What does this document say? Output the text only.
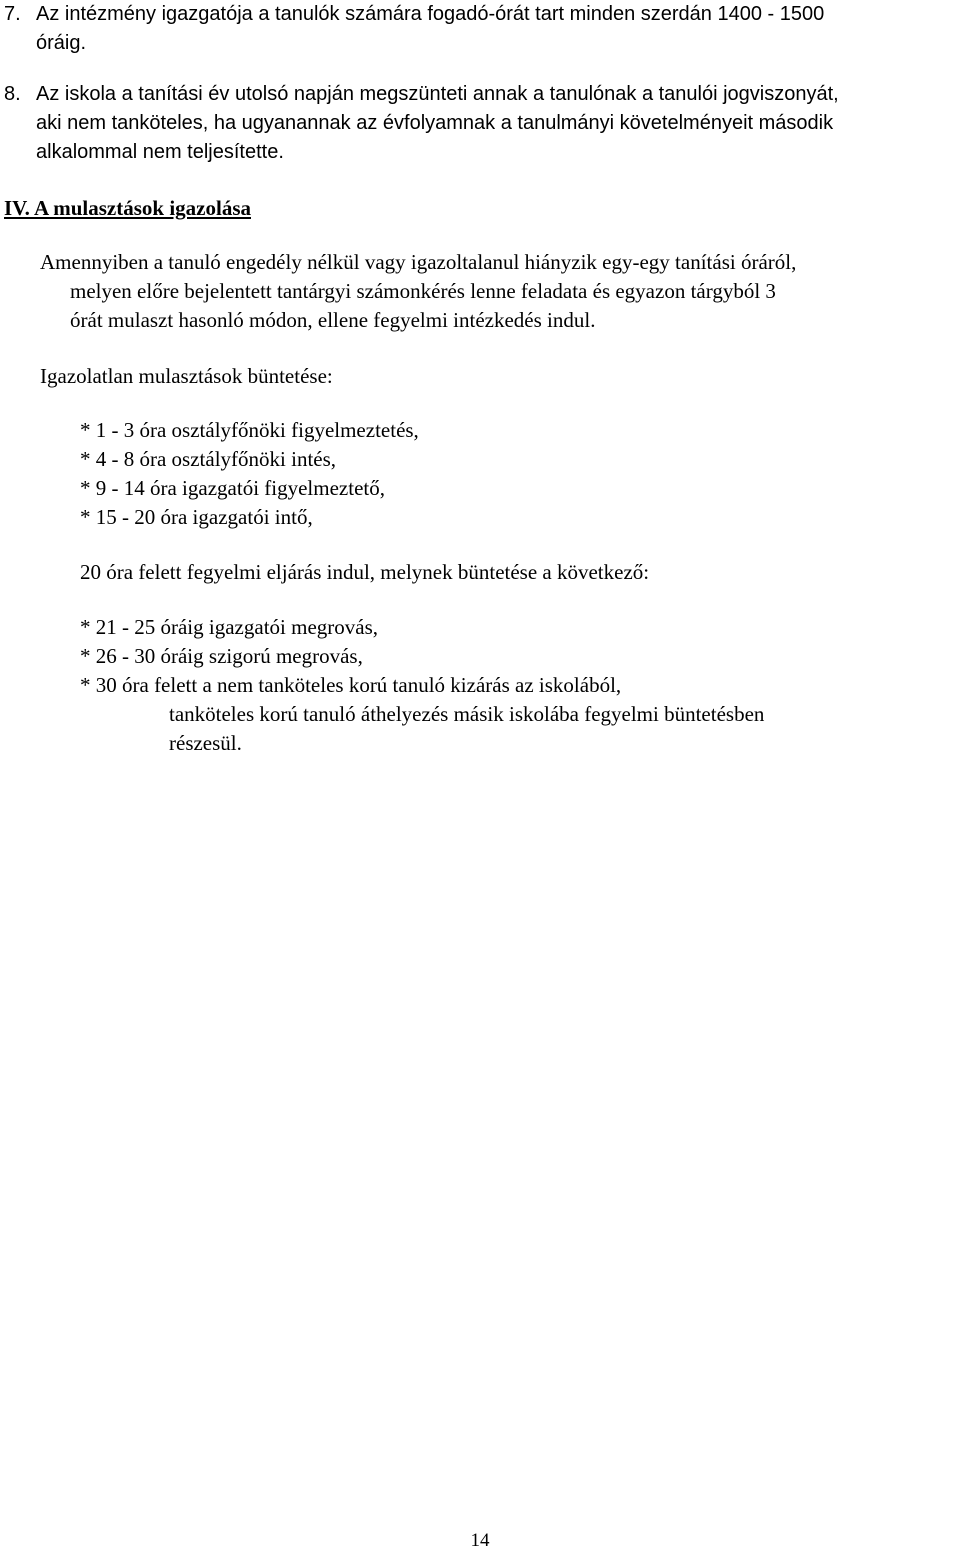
7. Az intézmény igazgatója a tanulók számára fogadó-órát tart minden szerdán 1400 - 1500
óráig.
8. Az iskola a tanítási év utolsó napján megszünteti annak a tanulónak a tanulói jogviszonyát,
aki nem tanköteles, ha ugyanannak az évfolyamnak a tanulmányi követelményeit második
alkalommal nem teljesítette.
IV. A mulasztások igazolása
Amennyiben a tanuló engedély nélkül vagy igazoltalanul hiányzik egy-egy tanítási óráról,
melyen előre bejelentett tantárgyi számonkérés lenne feladata és egyazon tárgyból 3
órát mulaszt hasonló módon, ellene fegyelmi intézkedés indul.
Igazolatlan mulasztások büntetése:
* 1 - 3 óra osztályfőnöki figyelmeztetés,
* 4 - 8 óra osztályfőnöki intés,
* 9 - 14 óra igazgatói figyelmeztető,
* 15 - 20 óra igazgatói intő,
20 óra felett fegyelmi eljárás indul, melynek büntetése a következő:
* 21 - 25 óráig igazgatói megrovás,
* 26 - 30 óráig szigorú megrovás,
* 30 óra felett a nem tanköteles korú tanuló kizárás az iskolából,
tanköteles korú tanuló áthelyezés másik iskolába fegyelmi büntetésben
részesül.
14
